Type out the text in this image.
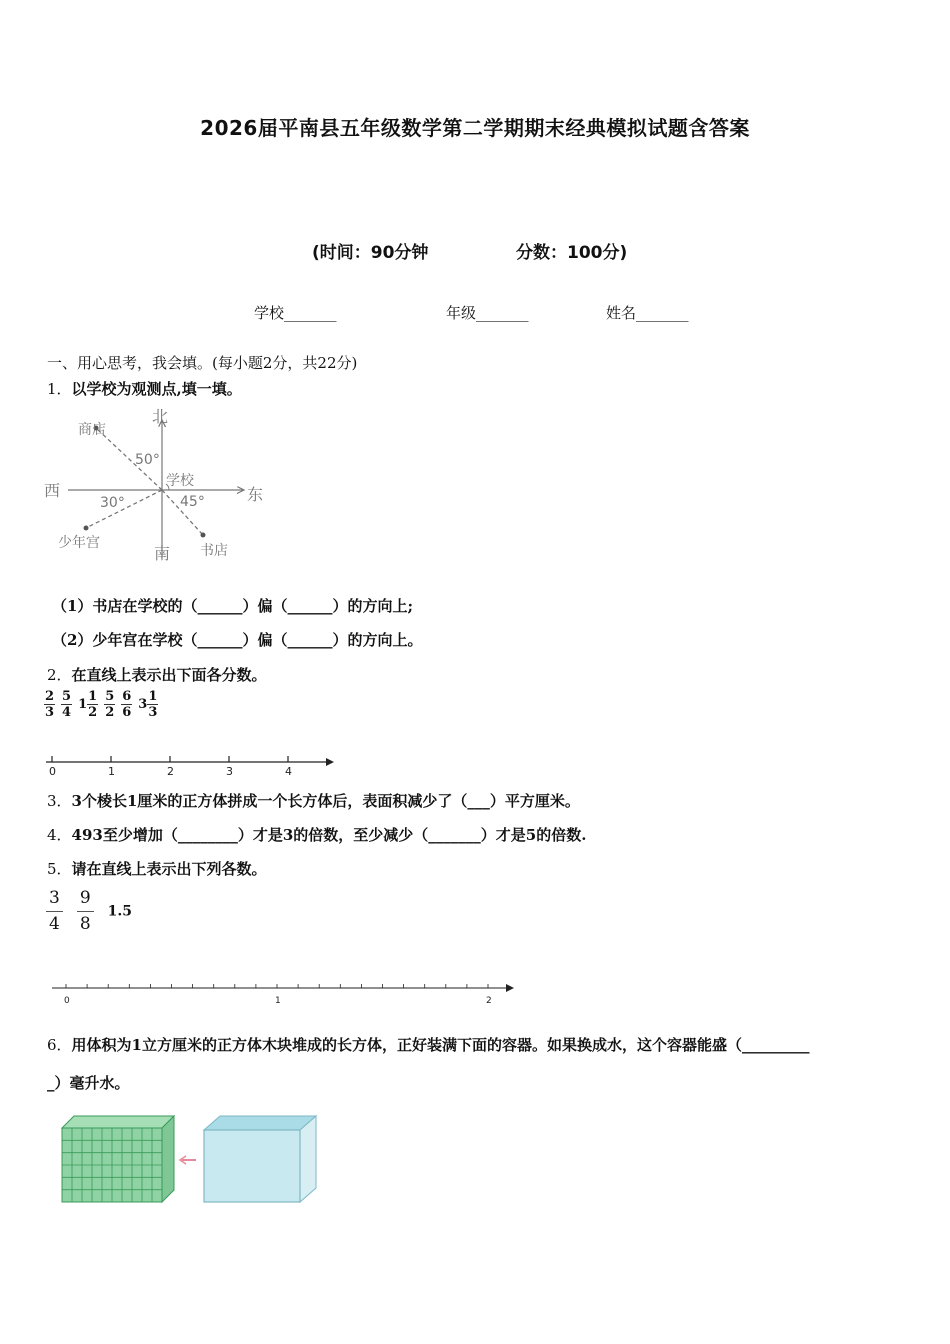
2026届平南县五年级数学第二学期期末经典模拟试题含答案
(时间：90分钟	分数：100分)
学校_______	年级_______	姓名_______
一、用心思考，我会填。(每小题2分，共22分)
1．以学校为观测点,填一填。
北
南
西	东
学校
商店
书店
少年宫
50°
45°
30°
（1）书店在学校的（______）偏（______）的方向上;
（2）少年宫在学校（______）偏（______）的方向上。
2．在直线上表示出下面各分数。
$\frac{2}{3} \frac{5}{4} 1 \frac{1}{2} \frac{5}{2} \frac{6}{6} 3 \frac{1}{3}$
0	1	2	3	4
3．3个棱长1厘米的正方体拼成一个长方体后，表面积减少了（___）平方厘米。
4．493至少增加（________）才是3的倍数，至少减少（_______）才是5的倍数.
5．请在直线上表示出下列各数。
$\frac{3}{4} \frac{9}{8} 1.5$
0	1	2
6．用体积为1立方厘米的正方体木块堆成的长方体，正好装满下面的容器。如果换成水，这个容器能盛（_________
_）毫升水。
